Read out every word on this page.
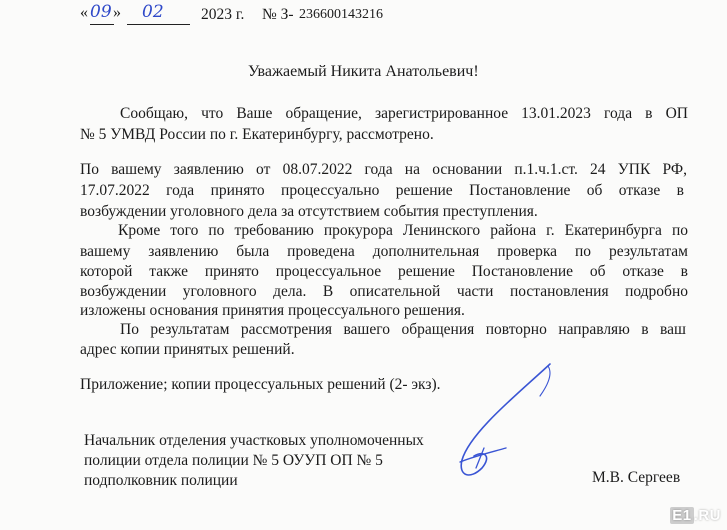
« 09 » 02 2023 г. № З- 236600143216
Уважаемый Никита Анатольевич!
Сообщаю, что Ваше обращение, зарегистрированное 13.01.2023 года в ОП
№ 5 УМВД России по г. Екатеринбургу, рассмотрено.
По вашему заявлению от 08.07.2022 года на основании п.1.ч.1.ст. 24 УПК РФ,
17.07.2022 года принято процессуально решение Постановление об отказе в
возбуждении уголовного дела за отсутствием события преступления.
Кроме того по требованию прокурора Ленинского района г. Екатеринбурга по
вашему заявлению была проведена дополнительная проверка по результатам
которой также принято процессуальное решение Постановление об отказе в
возбуждении уголовного дела. В описательной части постановления подробно
изложены основания принятия процессуального решения.
По результатам рассмотрения вашего обращения повторно направляю в ваш
адрес копии принятых решений.
Приложение; копии процессуальных решений (2- экз).
Начальник отделения участковых уполномоченных
полиции отдела полиции № 5 ОУУП ОП № 5
подполковник полиции	М.В. Сергеев
E1 .RU
